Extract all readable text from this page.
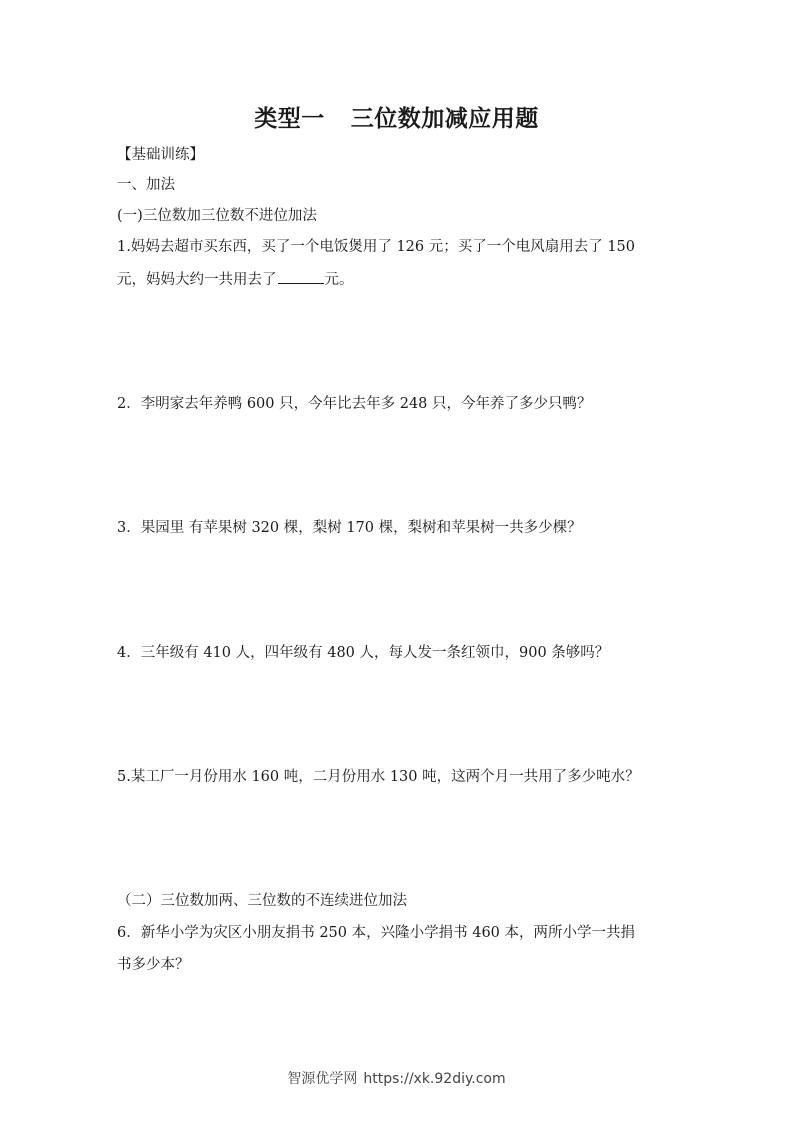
类型一 三位数加减应用题
【基础训练】
一、加法
(一)三位数加三位数不进位加法
1.妈妈去超市买东西，买了一个电饭煲用了 126 元；买了一个电风扇用去了 150
元，妈妈大约一共用去了	元。
2．李明家去年养鸭 600 只，今年比去年多 248 只，今年养了多少只鸭？
3．果园里 有苹果树 320 棵，梨树 170 棵，梨树和苹果树一共多少棵？
4．三年级有 410 人，四年级有 480 人，每人发一条红领巾，900 条够吗？
5.某工厂一月份用水 160 吨，二月份用水 130 吨，这两个月一共用了多少吨水？
（二）三位数加两、三位数的不连续进位加法
6．新华小学为灾区小朋友捐书 250 本，兴隆小学捐书 460 本，两所小学一共捐
书多少本？
智源优学网 https://xk.92diy.com
